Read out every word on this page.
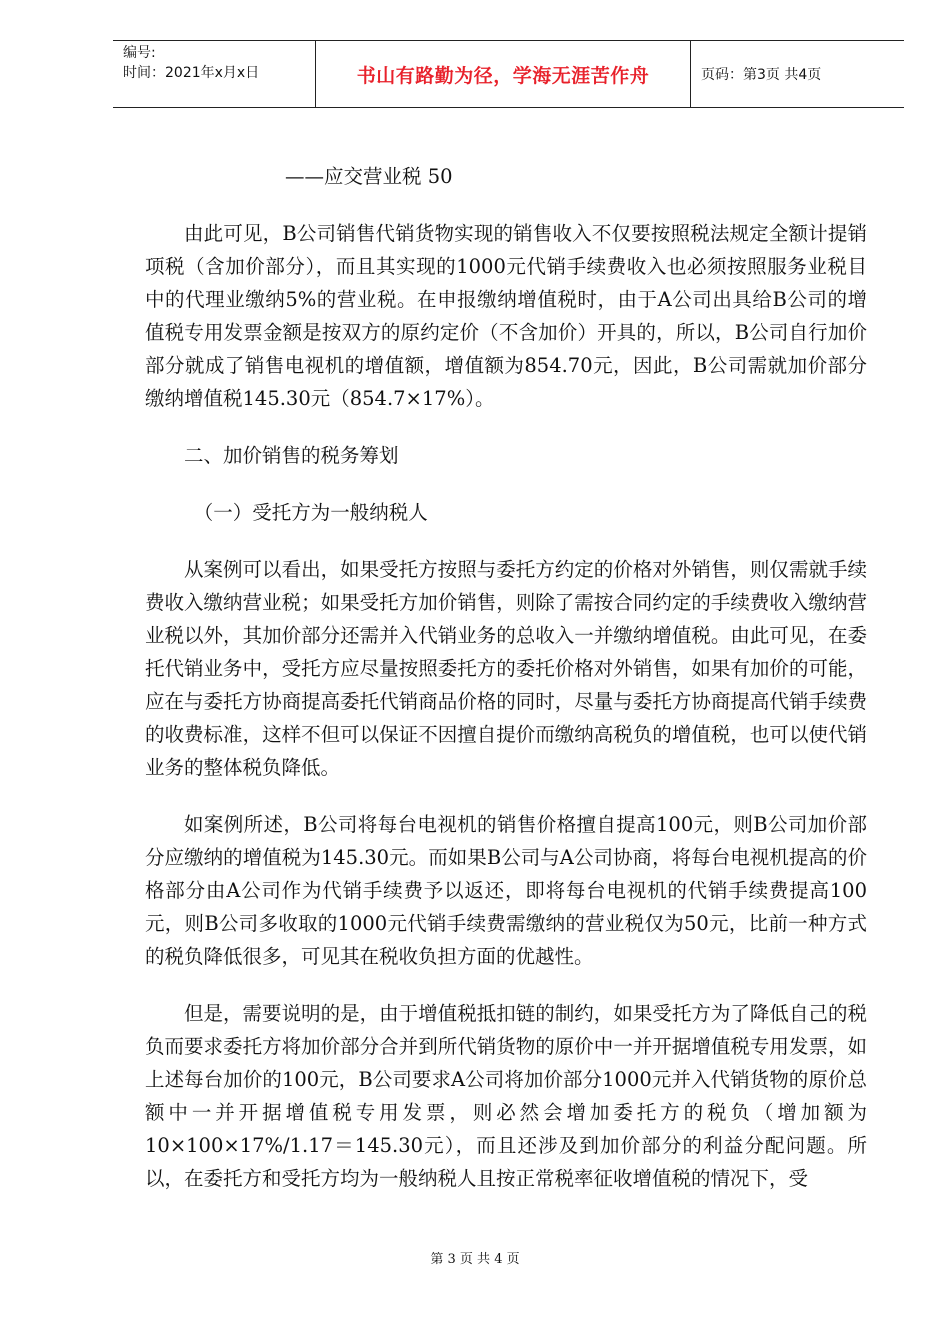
编号:
时间：2021年x月x日	书山有路勤为径，学海无涯苦作舟	页码：第3页 共4页

——应交营业税 50

由此可见，B公司销售代销货物实现的销售收入不仅要按照税法规定全额计提销项税（含加价部分），而且其实现的1000元代销手续费收入也必须按照服务业税目中的代理业缴纳5%的营业税。在申报缴纳增值税时，由于A公司出具给B公司的增值税专用发票金额是按双方的原约定价（不含加价）开具的，所以，B公司自行加价部分就成了销售电视机的增值额，增值额为854.70元，因此，B公司需就加价部分缴纳增值税145.30元（854.7×17%）。

二、加价销售的税务筹划

（一）受托方为一般纳税人

从案例可以看出，如果受托方按照与委托方约定的价格对外销售，则仅需就手续费收入缴纳营业税；如果受托方加价销售，则除了需按合同约定的手续费收入缴纳营业税以外，其加价部分还需并入代销业务的总收入一并缴纳增值税。由此可见，在委托代销业务中，受托方应尽量按照委托方的委托价格对外销售，如果有加价的可能，应在与委托方协商提高委托代销商品价格的同时，尽量与委托方协商提高代销手续费的收费标准，这样不但可以保证不因擅自提价而缴纳高税负的增值税，也可以使代销业务的整体税负降低。

如案例所述，B公司将每台电视机的销售价格擅自提高100元，则B公司加价部分应缴纳的增值税为145.30元。而如果B公司与A公司协商，将每台电视机提高的价格部分由A公司作为代销手续费予以返还，即将每台电视机的代销手续费提高100元，则B公司多收取的1000元代销手续费需缴纳的营业税仅为50元，比前一种方式的税负降低很多，可见其在税收负担方面的优越性。

但是，需要说明的是，由于增值税抵扣链的制约，如果受托方为了降低自己的税负而要求委托方将加价部分合并到所代销货物的原价中一并开据增值税专用发票，如上述每台加价的100元，B公司要求A公司将加价部分1000元并入代销货物的原价总额中一并开据增值税专用发票，则必然会增加委托方的税负（增加额为10×100×17%/1.17＝145.30元），而且还涉及到加价部分的利益分配问题。所以，在委托方和受托方均为一般纳税人且按正常税率征收增值税的情况下，受

第 3 页 共 4 页
